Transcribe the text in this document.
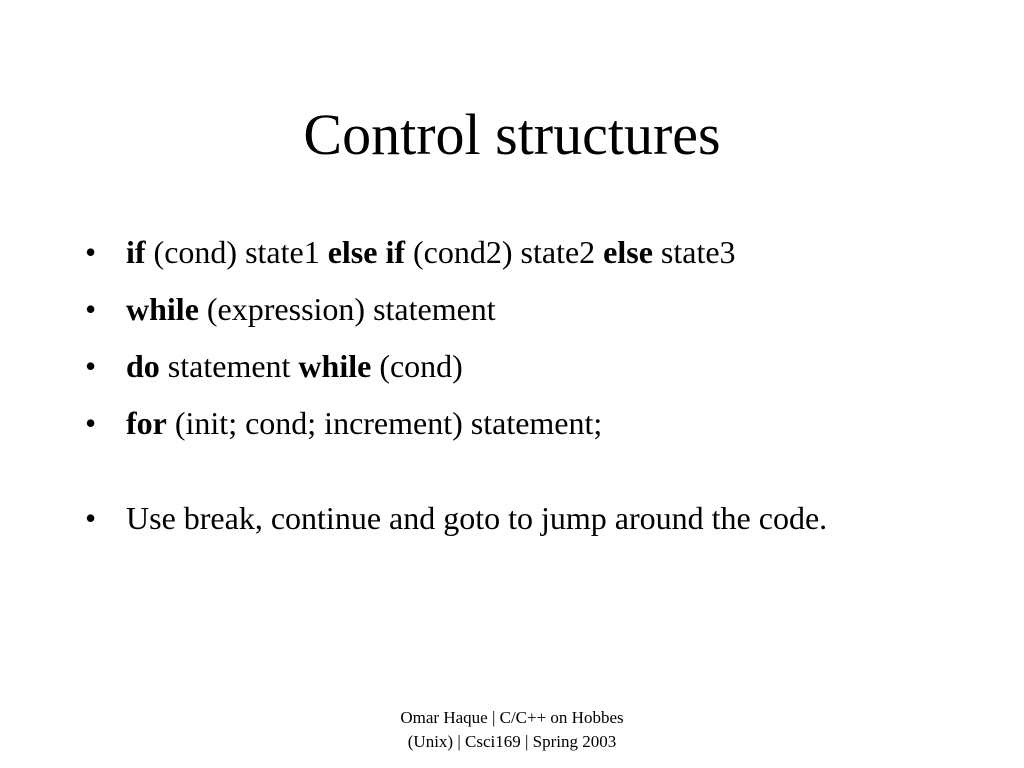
Control structures
• if (cond) state1 else if (cond2) state2 else state3
• while (expression) statement
• do statement while (cond)
• for (init; cond; increment) statement;
• Use break, continue and goto to jump around the code.
Omar Haque | C/C++ on Hobbes
(Unix) | Csci169 | Spring 2003
